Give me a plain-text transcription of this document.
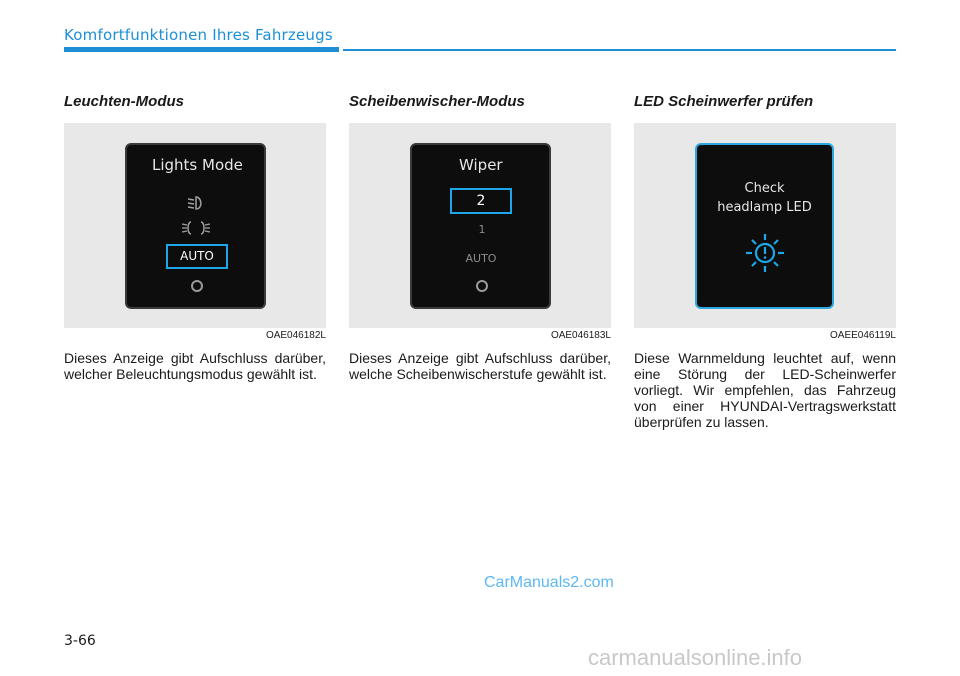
Komfortfunktionen Ihres Fahrzeugs
Leuchten-Modus
Lights Mode
AUTO
OAE046182L
Dieses Anzeige gibt Aufschluss darüber, welcher Beleuchtungsmodus gewählt ist.
Scheibenwischer-Modus
Wiper
2
1
AUTO
OAE046183L
Dieses Anzeige gibt Aufschluss darüber, welche Scheibenwischerstufe gewählt ist.
LED Scheinwerfer prüfen
Check
headlamp LED
OAEE046119L
Diese Warnmeldung leuchtet auf, wenn eine Störung der LED-Scheinwerfer vorliegt. Wir empfehlen, das Fahrzeug von einer HYUNDAI-Vertragswerkstatt überprüfen zu lassen.
CarManuals2.com
3-66
carmanualsonline.info
